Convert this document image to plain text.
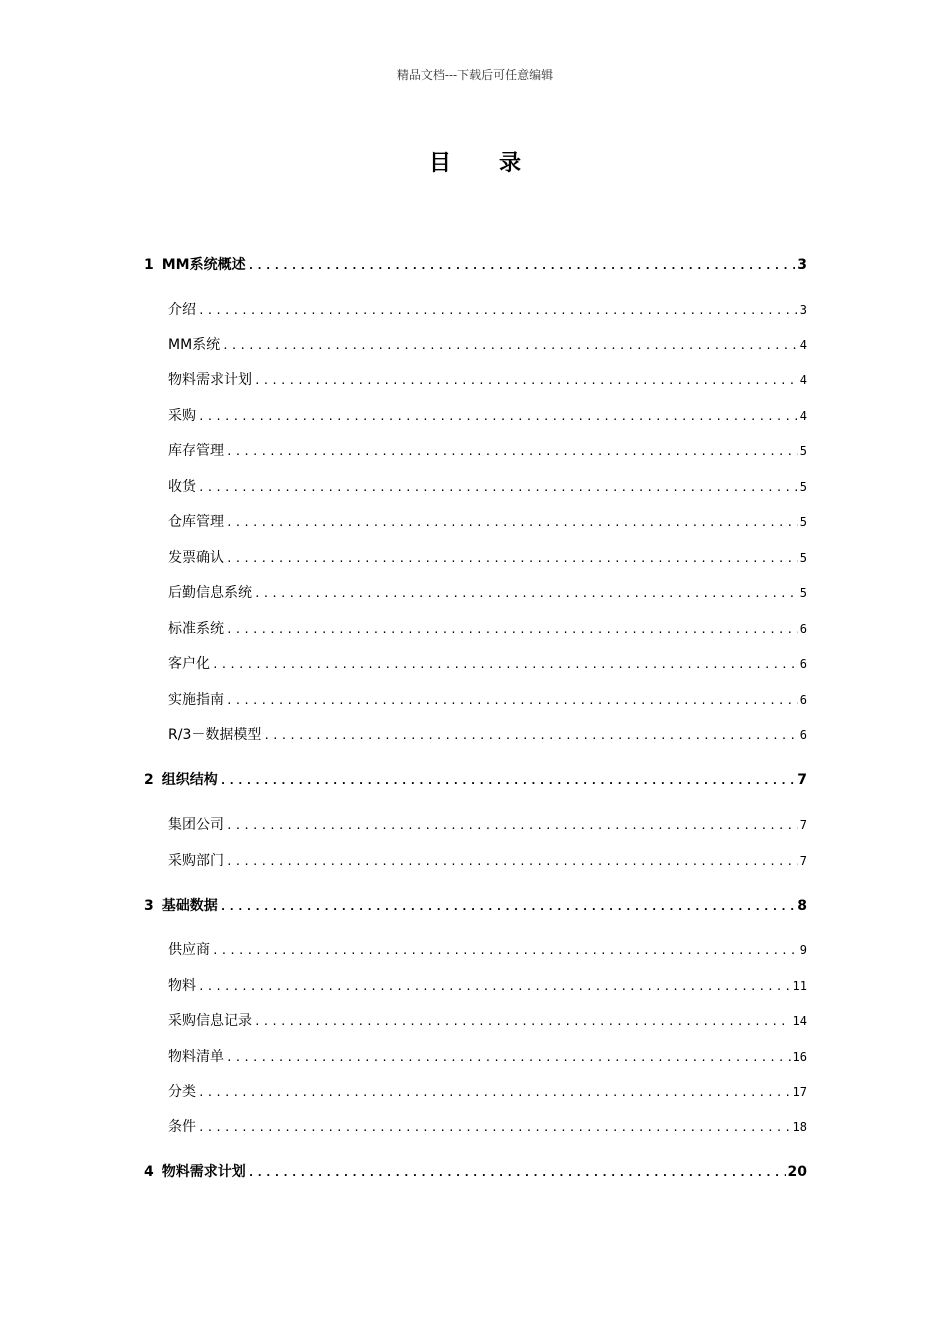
精品文档---下载后可任意编辑
目录
1 MM系统概述 .....	3
介绍 .....	3
MM系统 .....	4
物料需求计划 .....	4
采购 .....	4
库存管理 .....	5
收货 .....	5
仓库管理 .....	5
发票确认 .....	5
后勤信息系统 .....	5
标准系统 .....	6
客户化 .....	6
实施指南 .....	6
R/3－数据模型 .....	6
2 组织结构 .....	7
集团公司 .....	7
采购部门 .....	7
3 基础数据 .....	8
供应商 .....	9
物料 .....	11
采购信息记录 .....	14
物料清单 .....	16
分类 .....	17
条件 .....	18
4 物料需求计划 .....	20
